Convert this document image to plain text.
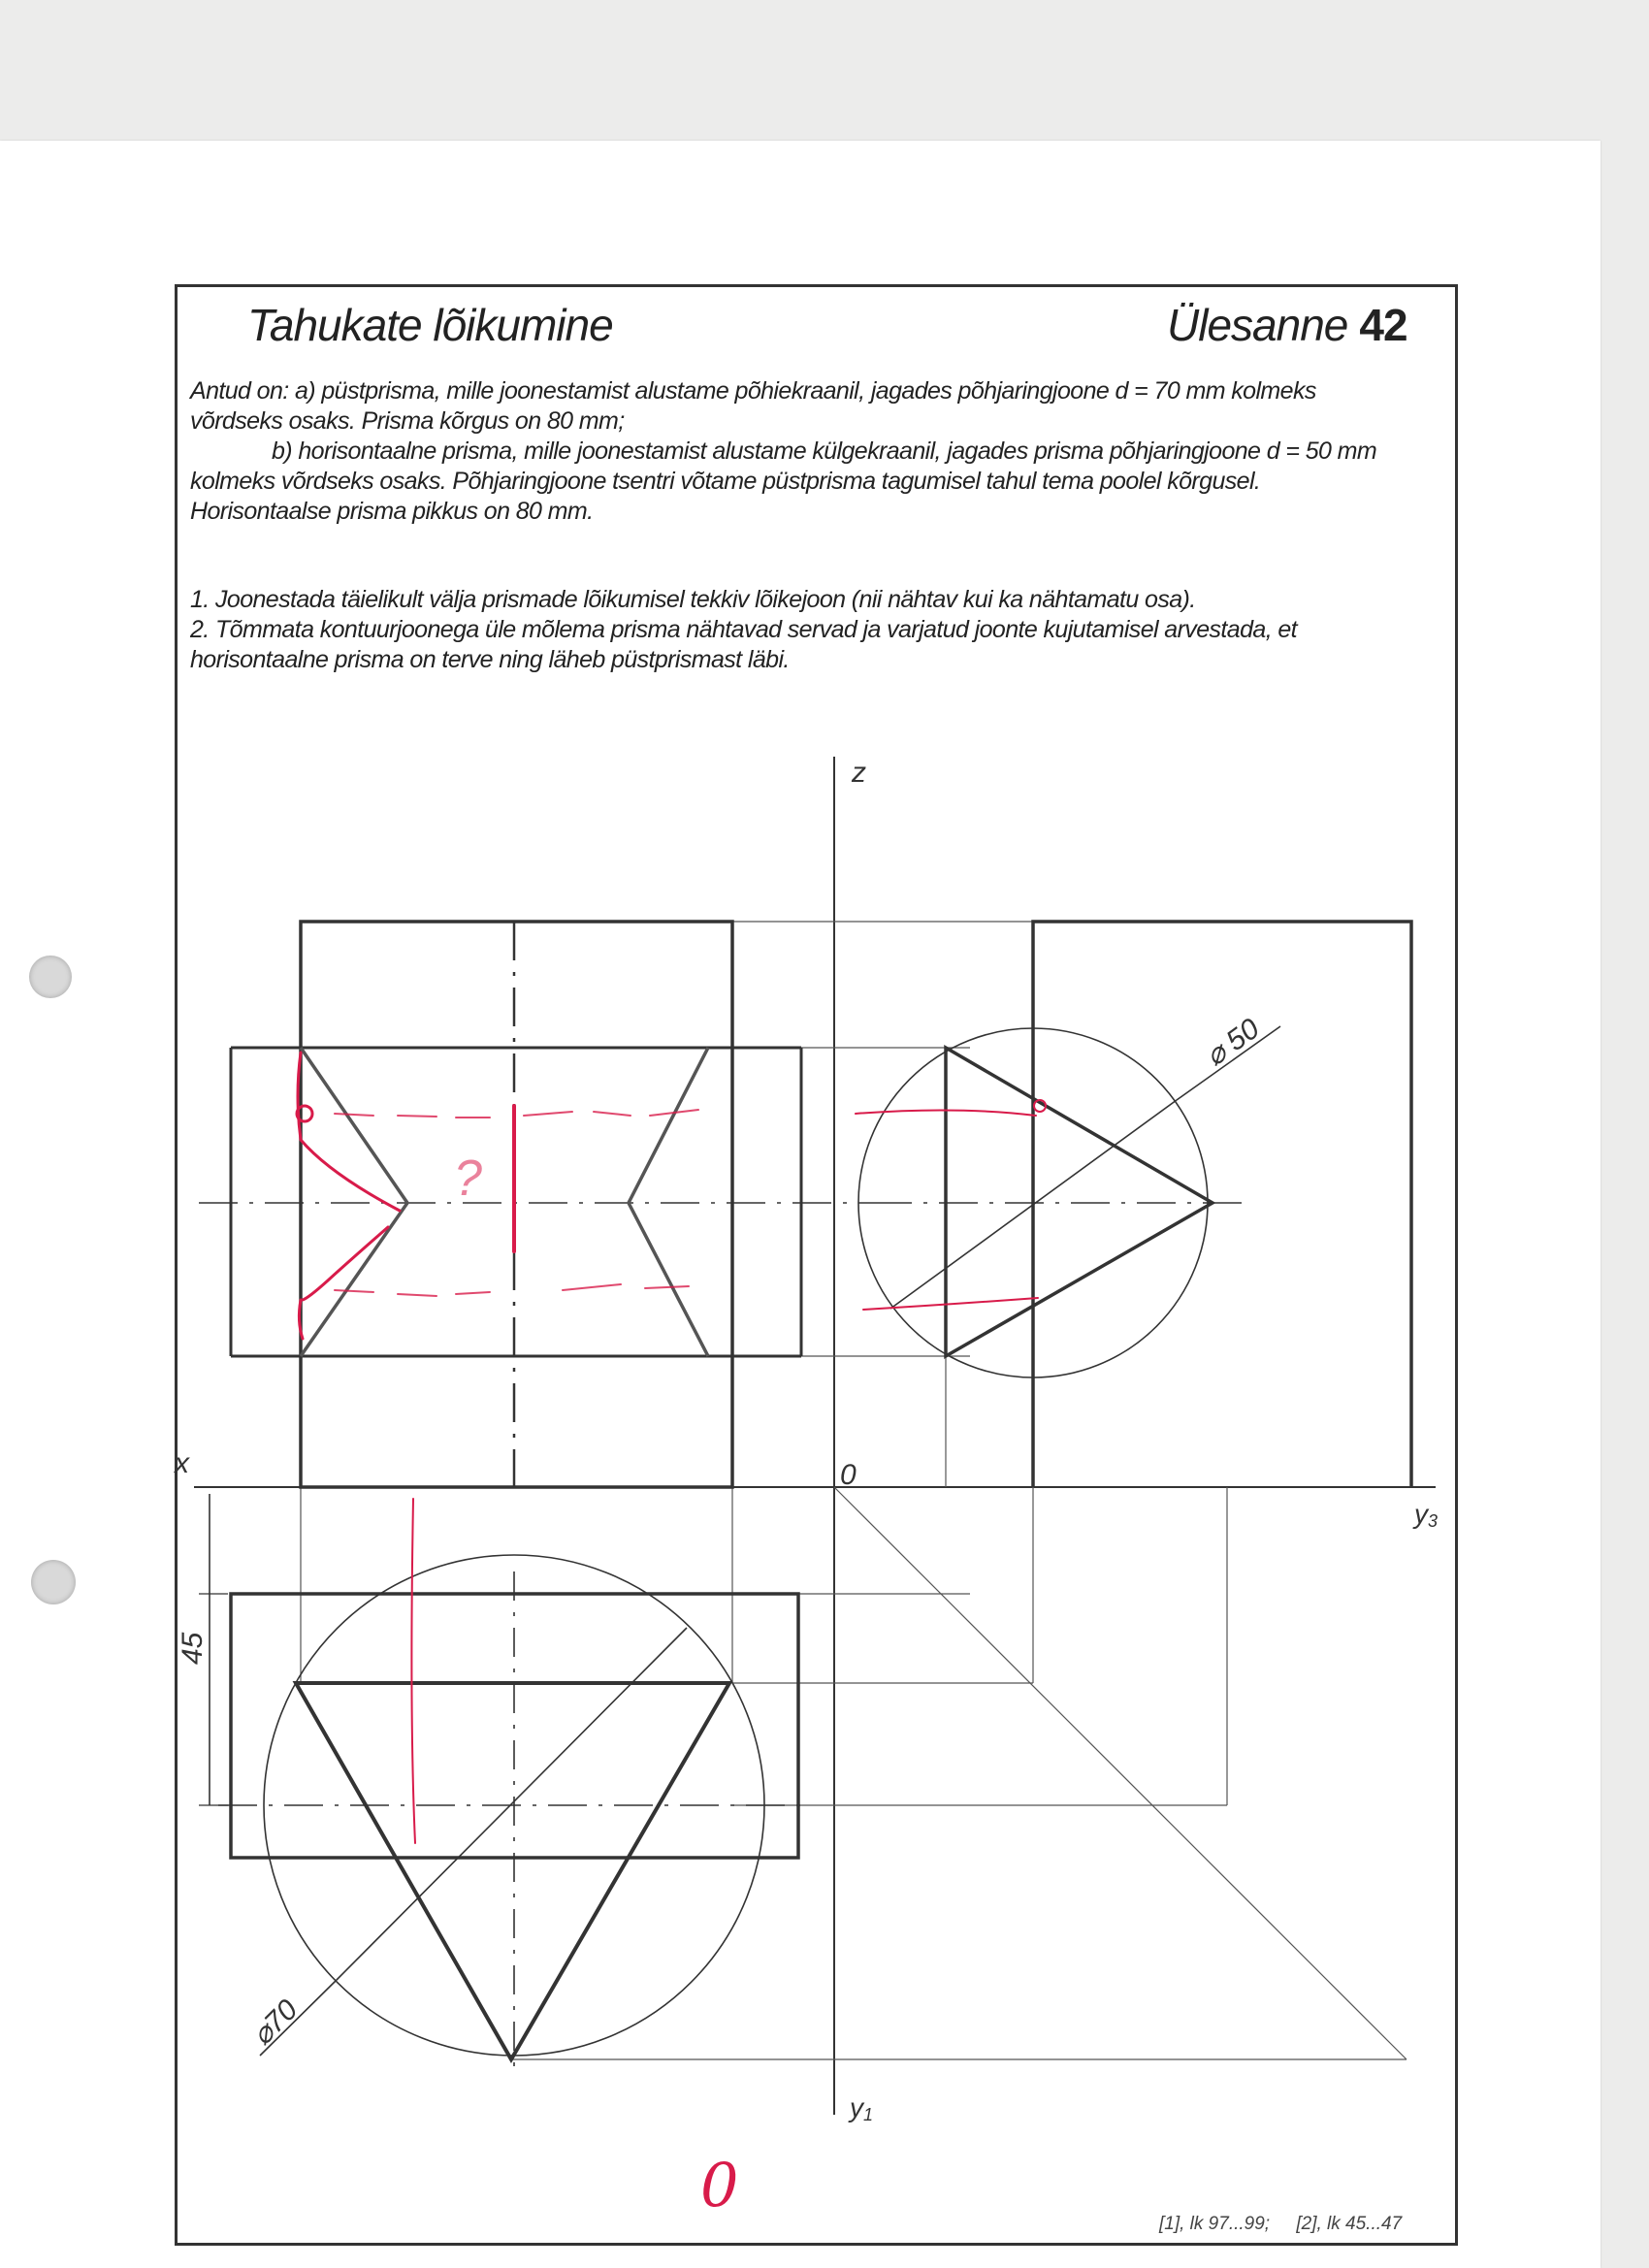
Tahukate lõikumine	Ülesanne 42

Antud on: a) püstprisma, mille joonestamist alustame põhiekraanil, jagades põhjaringjoone d = 70 mm kolmeks

võrdseks osaks. Prisma kõrgus on 80 mm;

b) horisontaalne prisma, mille joonestamist alustame külgekraanil, jagades prisma põhjaringjoone d = 50 mm

kolmeks võrdseks osaks. Põhjaringjoone tsentri võtame püstprisma tagumisel tahul tema poolel kõrgusel.

Horisontaalse prisma pikkus on 80 mm.

1. Joonestada täielikult välja prismade lõikumisel tekkiv lõikejoon (nii nähtav kui ka nähtamatu osa).

2. Tõmmata kontuurjoonega üle mõlema prisma nähtavad servad ja varjatud joonte kujutamisel arvestada, et

horisontaalne prisma on terve ning läheb püstprismast läbi.

z
x	0
y3
y1
⌀ 50
⌀70
45
?
0
[1], lk 97...99; [2], lk 45...47
